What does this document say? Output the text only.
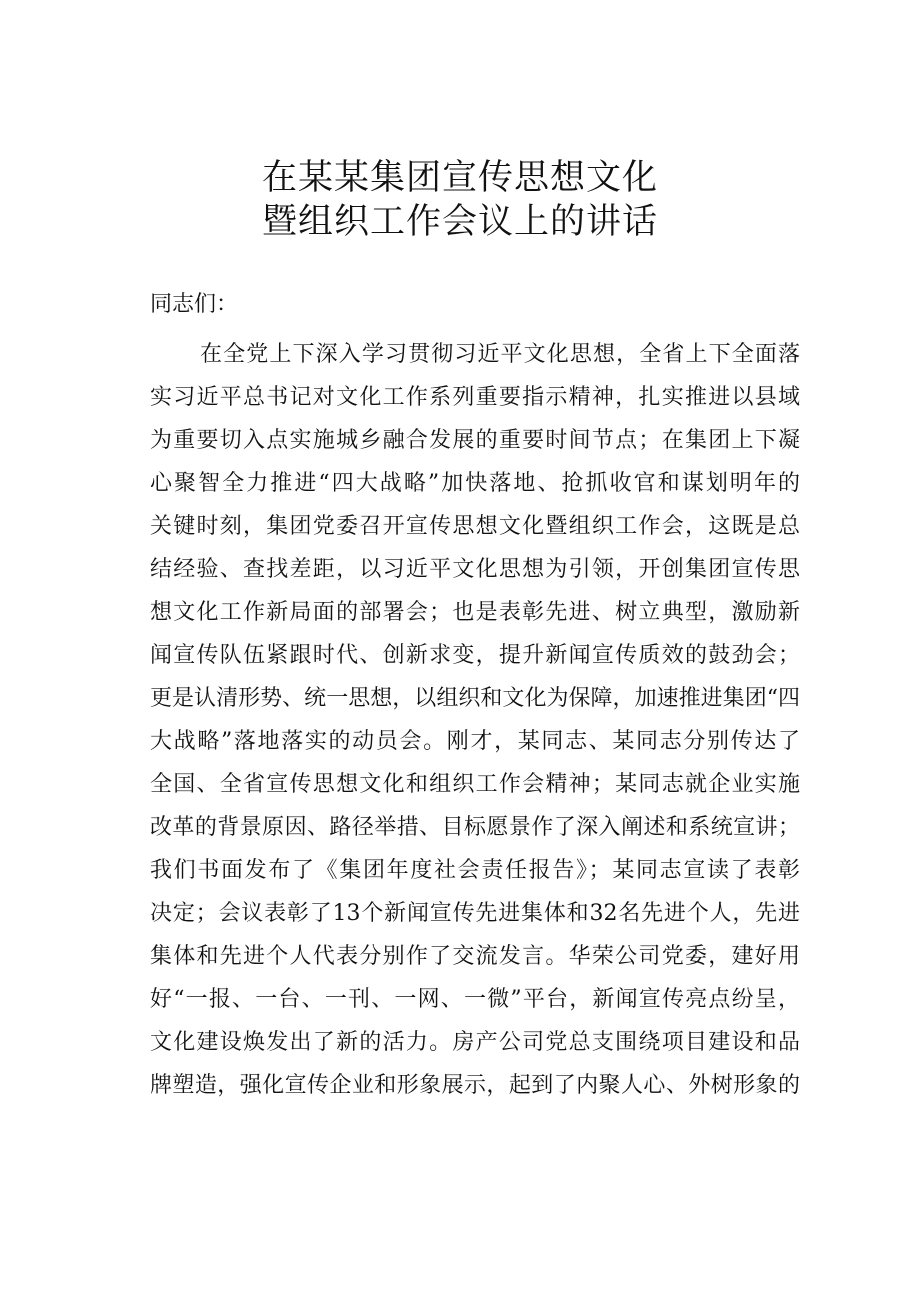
在某某集团宣传思想文化
暨组织工作会议上的讲话

同志们：

在全党上下深入学习贯彻习近平文化思想，全省上下全面落
实习近平总书记对文化工作系列重要指示精神，扎实推进以县域
为重要切入点实施城乡融合发展的重要时间节点；在集团上下凝
心聚智全力推进“四大战略”加快落地、抢抓收官和谋划明年的
关键时刻，集团党委召开宣传思想文化暨组织工作会，这既是总
结经验、查找差距，以习近平文化思想为引领，开创集团宣传思
想文化工作新局面的部署会；也是表彰先进、树立典型，激励新
闻宣传队伍紧跟时代、创新求变，提升新闻宣传质效的鼓劲会；
更是认清形势、统一思想，以组织和文化为保障，加速推进集团“四
大战略”落地落实的动员会。刚才，某同志、某同志分别传达了
全国、全省宣传思想文化和组织工作会精神；某同志就企业实施
改革的背景原因、路径举措、目标愿景作了深入阐述和系统宣讲；
我们书面发布了《集团年度社会责任报告》；某同志宣读了表彰
决定；会议表彰了13个新闻宣传先进集体和32名先进个人，先进
集体和先进个人代表分别作了交流发言。华荣公司党委，建好用
好“一报、一台、一刊、一网、一微”平台，新闻宣传亮点纷呈，
文化建设焕发出了新的活力。房产公司党总支围绕项目建设和品
牌塑造，强化宣传企业和形象展示，起到了内聚人心、外树形象的
